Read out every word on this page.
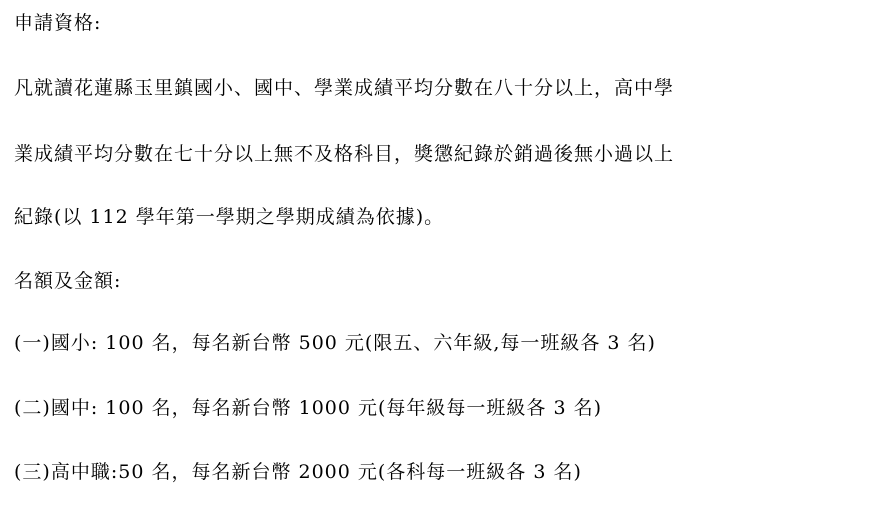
申請資格:
凡就讀花蓮縣玉里鎮國小、國中、學業成績平均分數在八十分以上，高中學
業成績平均分數在七十分以上無不及格科目，獎懲紀錄於銷過後無小過以上
紀錄(以 112 學年第一學期之學期成績為依據)。
名額及金額:
(一)國小: 100 名，每名新台幣 500 元(限五、六年級,每一班級各 3 名)
(二)國中: 100 名，每名新台幣 1000 元(每年級每一班級各 3 名)
(三)高中職:50 名，每名新台幣 2000 元(各科每一班級各 3 名)
